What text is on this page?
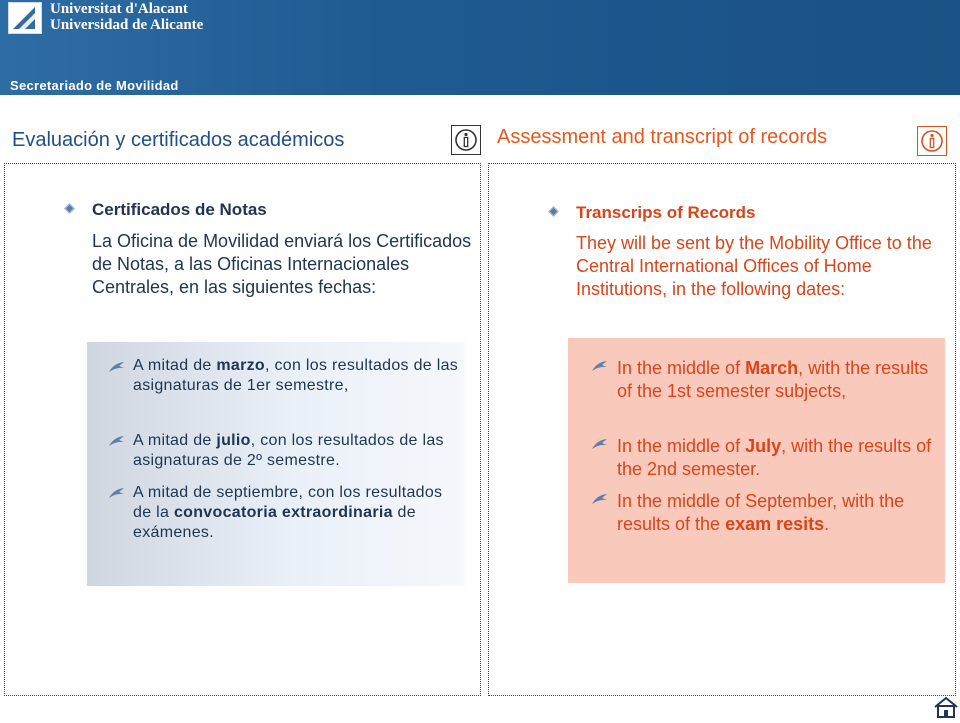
Universitat d'Alacant
Universidad de Alicante
Secretariado de Movilidad
Evaluación y certificados académicos	Assessment and transcript of records
Certificados de Notas
La Oficina de Movilidad enviará los Certificados de Notas, a las Oficinas Internacionales Centrales, en las siguientes fechas:
A mitad de marzo, con los resultados de las asignaturas de 1er semestre,
A mitad de julio, con los resultados de las asignaturas de 2º semestre.
A mitad de septiembre, con los resultados de la convocatoria extraordinaria de exámenes.
Transcrips of Records
They will be sent by the Mobility Office to the Central International Offices of Home Institutions, in the following dates:
In the middle of March, with the results of the 1st semester subjects,
In the middle of July, with the results of the 2nd semester.
In the middle of September, with the results of the exam resits.
